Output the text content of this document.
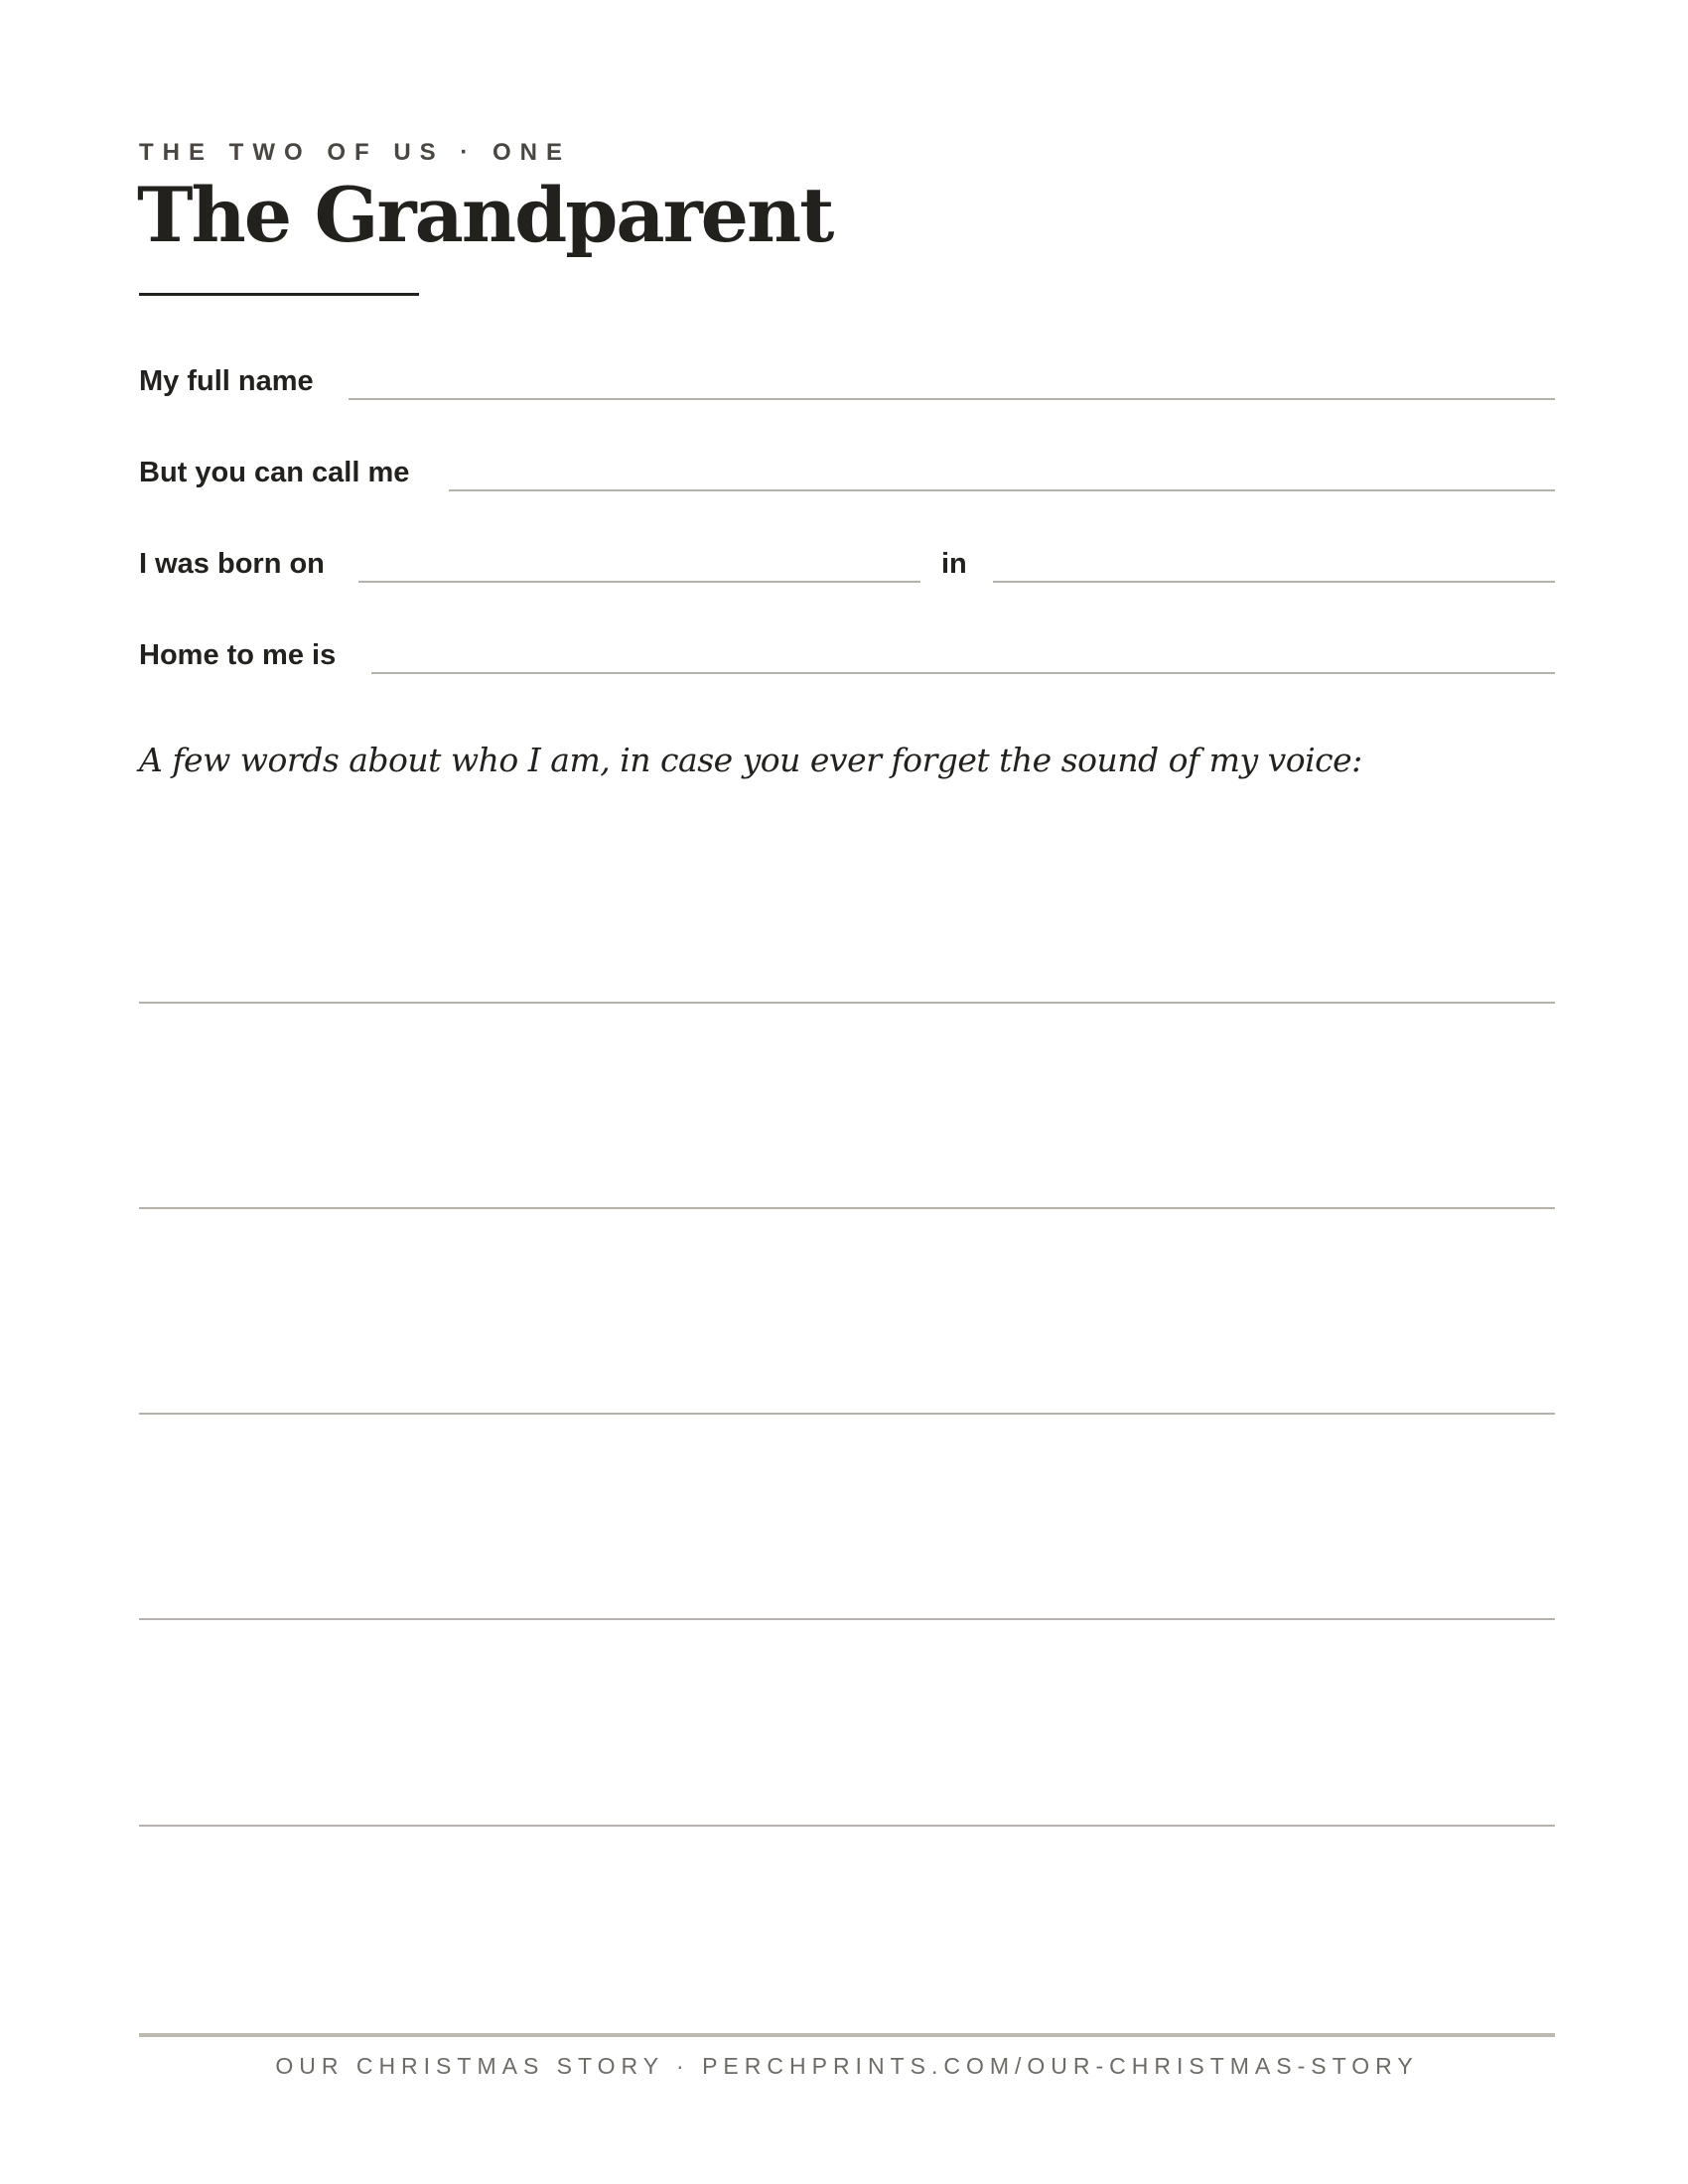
THE TWO OF US · ONE
The Grandparent
My full name
But you can call me
I was born on	in
Home to me is
A few words about who I am, in case you ever forget the sound of my voice:
OUR CHRISTMAS STORY · PERCHPRINTS.COM/OUR-CHRISTMAS-STORY
